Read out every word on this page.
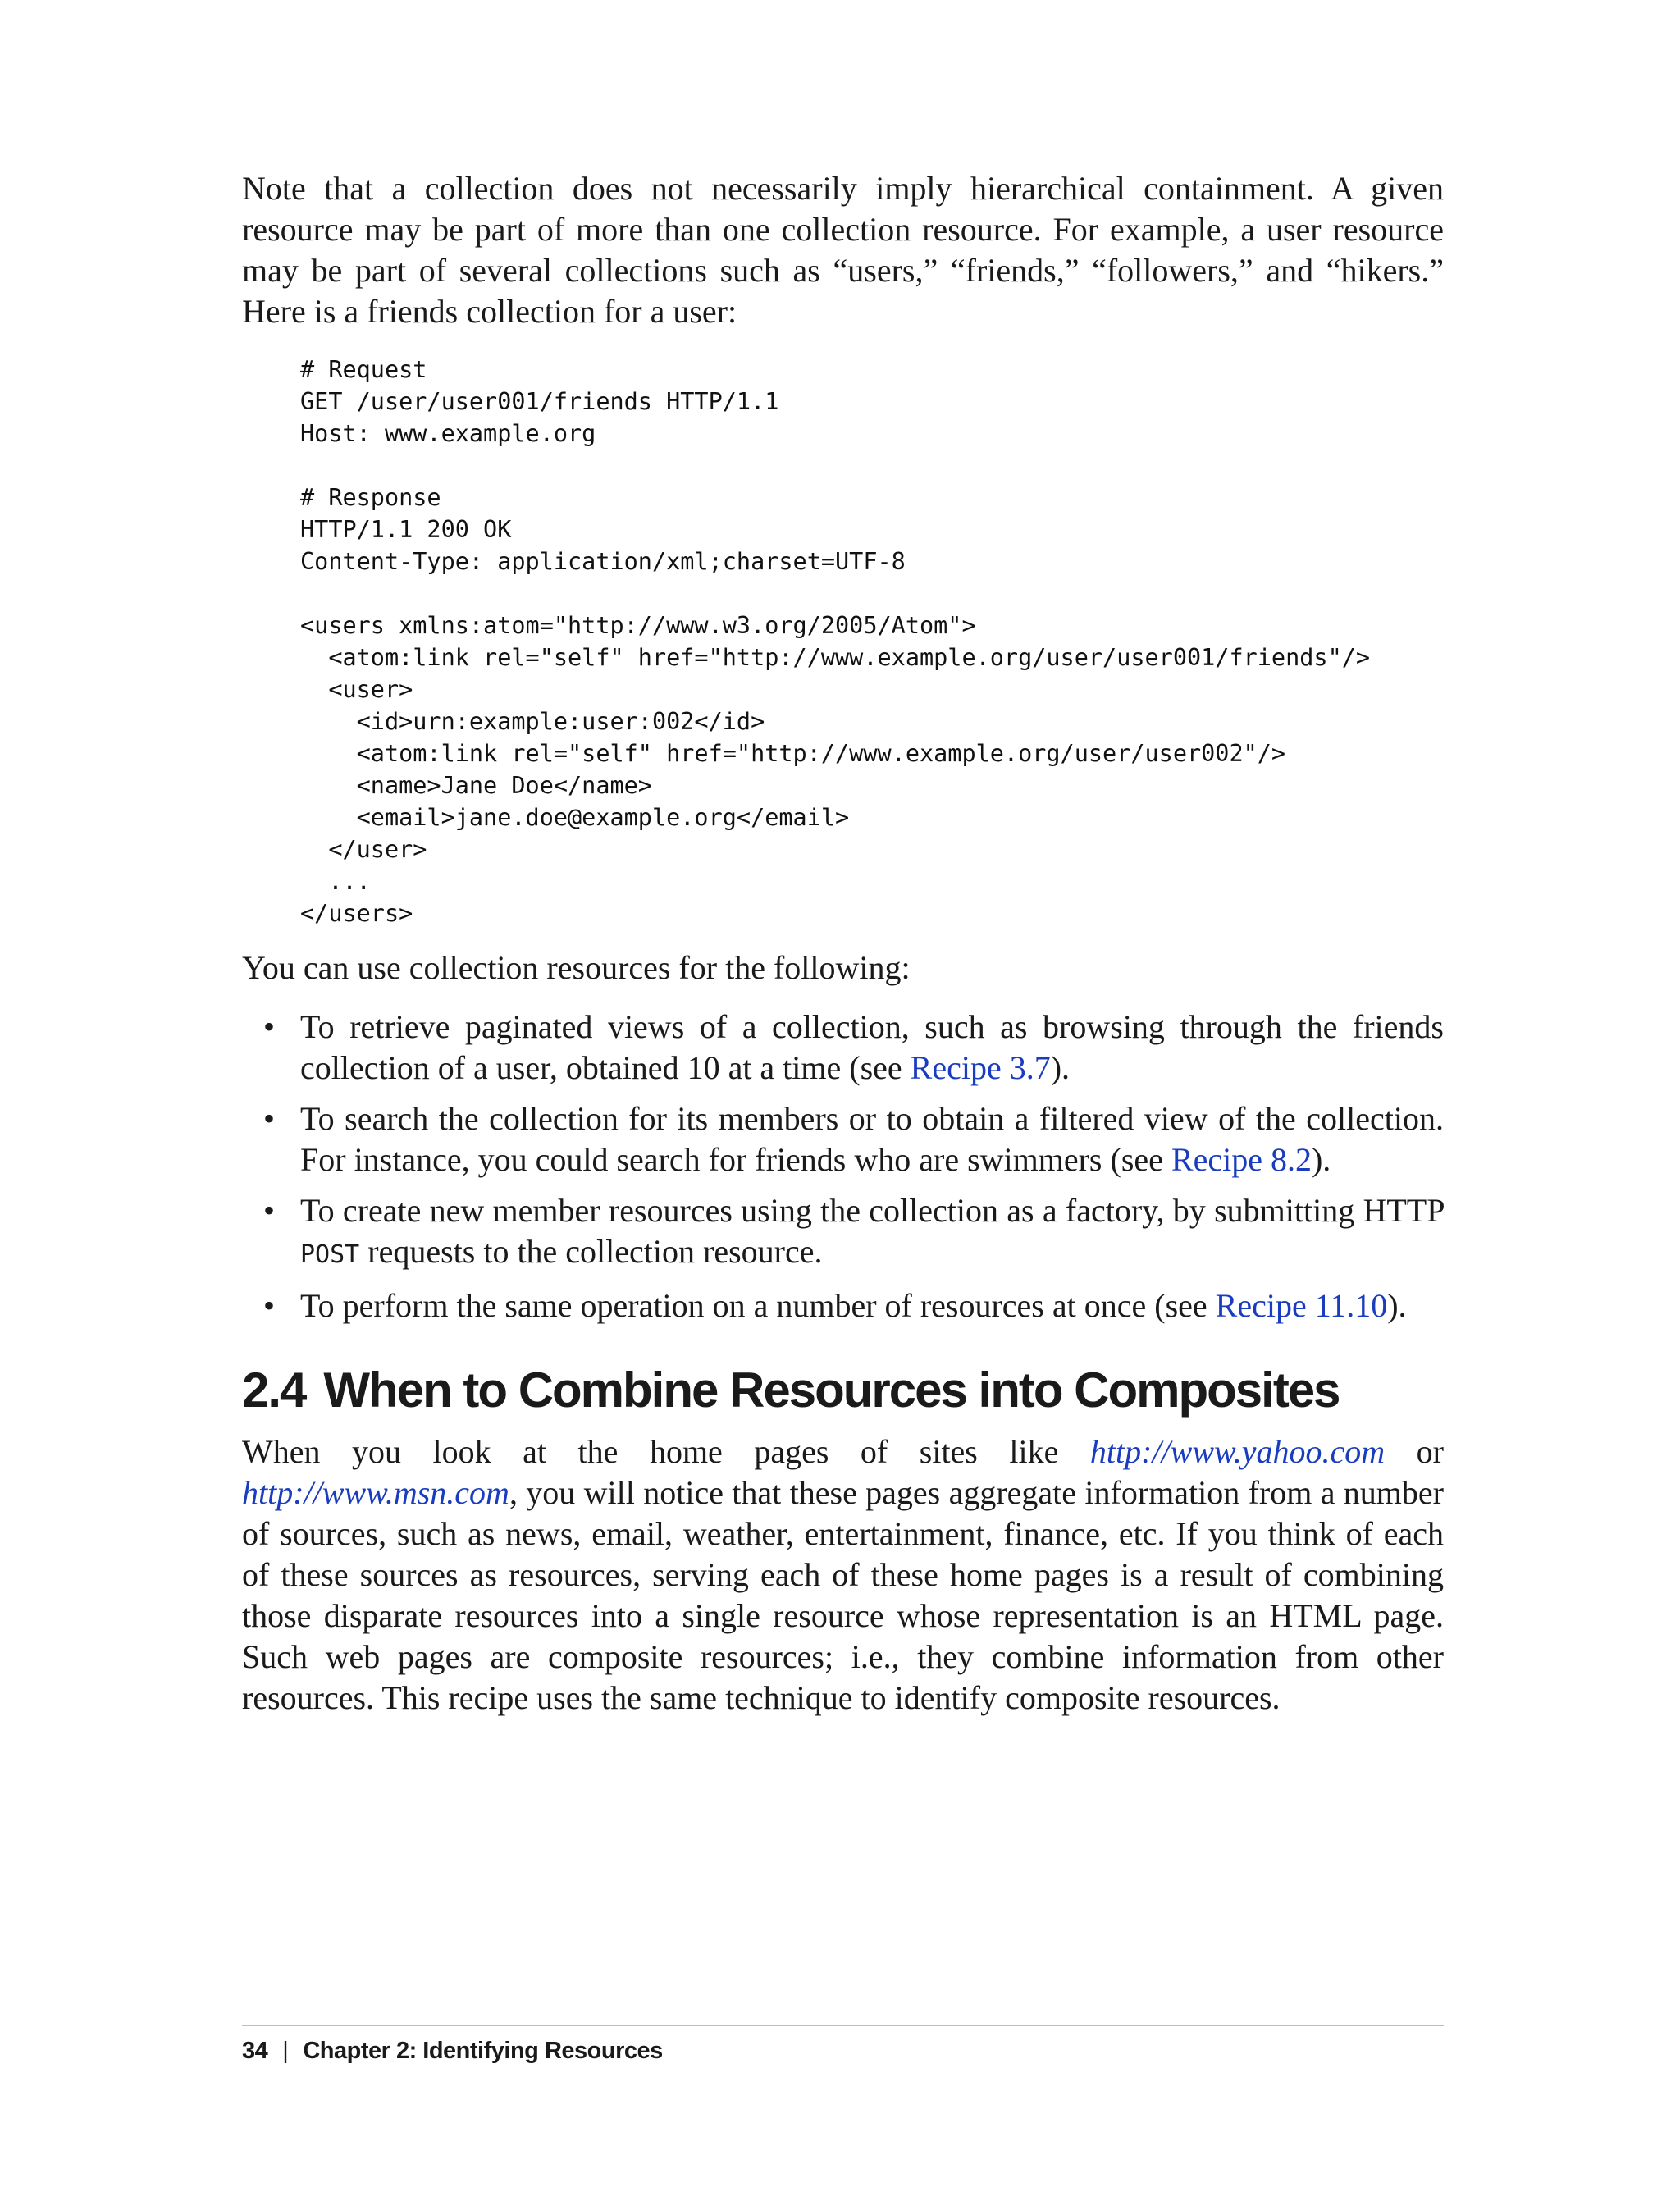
Note that a collection does not necessarily imply hierarchical containment. A given resource may be part of more than one collection resource. For example, a user resource may be part of several collections such as “users,” “friends,” “followers,” and “hikers.” Here is a friends collection for a user:

# Request
GET /user/user001/friends HTTP/1.1
Host: www.example.org

# Response
HTTP/1.1 200 OK
Content-Type: application/xml;charset=UTF-8

<users xmlns:atom="http://www.w3.org/2005/Atom">
<atom:link rel="self" href="http://www.example.org/user/user001/friends"/>
<user>
<id>urn:example:user:002</id>
<atom:link rel="self" href="http://www.example.org/user/user002"/>
<name>Jane Doe</name>
<email>jane.doe@example.org</email>
</user>
...
</users>

You can use collection resources for the following:

• To retrieve paginated views of a collection, such as browsing through the friends collection of a user, obtained 10 at a time (see Recipe 3.7).
• To search the collection for its members or to obtain a filtered view of the collection. For instance, you could search for friends who are swimmers (see Recipe 8.2).
• To create new member resources using the collection as a factory, by submitting HTTP POST requests to the collection resource.
• To perform the same operation on a number of resources at once (see Recipe 11.10).
2.4 When to Combine Resources into Composites

When you look at the home pages of sites like http://www.yahoo.com or http://www.msn.com, you will notice that these pages aggregate information from a number of sources, such as news, email, weather, entertainment, finance, etc. If you think of each of these sources as resources, serving each of these home pages is a result of combining those disparate resources into a single resource whose representation is an HTML page. Such web pages are composite resources; i.e., they combine information from other resources. This recipe uses the same technique to identify composite resources.

34 | Chapter 2: Identifying Resources
